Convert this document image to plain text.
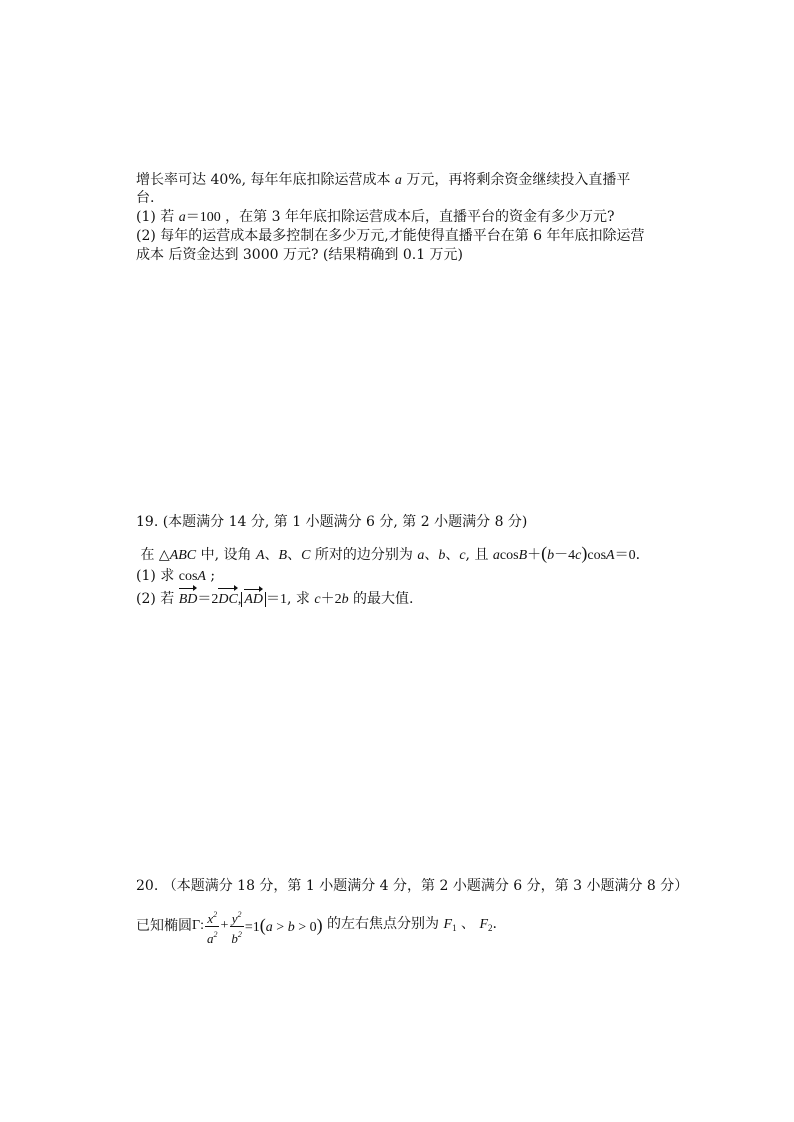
增长率可达 40%, 每年年底扣除运营成本 a 万元，再将剩余资金继续投入直播平
台.
(1) 若 a＝100 ，在第 3 年年底扣除运营成本后，直播平台的资金有多少万元?
(2) 每年的运营成本最多控制在多少万元,才能使得直播平台在第 6 年年底扣除运营
成本 后资金达到 3000 万元? (结果精确到 0.1 万元)
19. (本题满分 14 分, 第 1 小题满分 6 分, 第 2 小题满分 8 分)
在 △ABC 中, 设角 A、B、C 所对的边分别为 a、b、c, 且 acosB＋(b－4c)cosA＝0.
(1) 求 cosA ;
(2) 若 BD＝2DC, AD ＝1, 求 c＋2b 的最大值.
20. （本题满分 18 分，第 1 小题满分 4 分，第 2 小题满分 6 分，第 3 小题满分 8 分）
已知椭圆 Γ: $\frac{x^2}{a^2} + \frac{y^2}{b^2} =1(a > b > 0)$ 的左右焦点分别为 $F_1$ 、 $F_2$.
